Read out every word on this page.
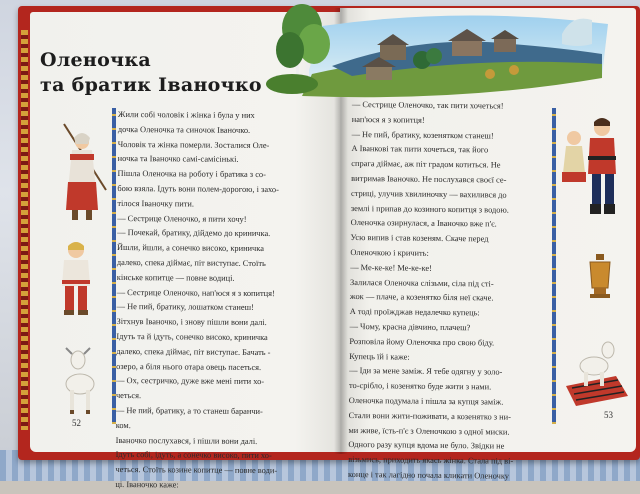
Оленочка
та братик Іваночко

Жили собі чоловік і жінка і була у них

дочка Оленочка та синочок Іваночко.

Чоловік та жінка померли. Зосталися Оле-

ночка та Іваночко самі-самісінькі.

Пішла Оленочка на роботу і братика з со-

бою взяла. Ідуть вони полем-дорогою, і захо-

тілося Іваночку пити.

— Сестрице Оленочко, я пити хочу!

— Почекай, братику, дійдемо до криничка.

Йшли, йшли, а сонечко високо, криничка

далеко, спека діймає, піт виступає. Стоїть

кінське копитце — повне водиці.

— Сестрице Оленочко, нап'юся я з копитця!

— Не пий, братику, лошатком станеш!

Зітхнув Іваночко, і знову пішли вони далі.

Ідуть та й ідуть, сонечко високо, криничка

далеко, спека діймає, піт виступає. Бачать -

озеро, а біля нього отара овець пасеться.

— Ох, сестричко, дуже вже мені пити хо-

четься.

— Не пий, братику, а то станеш баранчи-

ком.

Іваночко послухався, і пішли вони далі.

Ідуть собі, ідуть, а сонечко високо, пити хо-

четься. Стоїть козине копитце — повне води-

ці. Іваночко каже:

— Сестрице Оленочко, так пити хочеться!

нап'юся я з копитця!

— Не пий, братику, козенятком станеш!

А Іванкові так пити хочеться, так його

спрага діймає, аж піт градом котиться. Не

витримав Іваночко. Не послухався своєї се-

стриці, улучив хвилиночку — вахилився до

землі і припав до козиного копитця з водою.

Оленочка озирнулася, а Іваночко вже п'є.

Усю випив і став козеням. Скаче перед

Оленочкою і кричить:

— Ме-ке-ке! Ме-ке-ке!

Залилася Оленочка слізьми, сіла під сті-

жок — плаче, а козенятко біля неї скаче.

А тоді проїжджав недалечко купець:

— Чому, красна дівчино, плачеш?

Розповіла йому Оленочка про свою біду.

Купець їй і каже:

— Іди за мене заміж. Я тебе одягну у золо-

то-срібло, і козенятко буде жити з нами.

Оленочка подумала і пішла за купця заміж.

Стали вони жити-поживати, а козенятко з ни-

ми живе, їсть-п'є з Оленочкою з одної миски.

Одного разу купця вдома не було. Звідки не

візьмись, приходить якась жінка. Стала під ві-

конце і так лагідно почала кликати Оленочку

52
53
